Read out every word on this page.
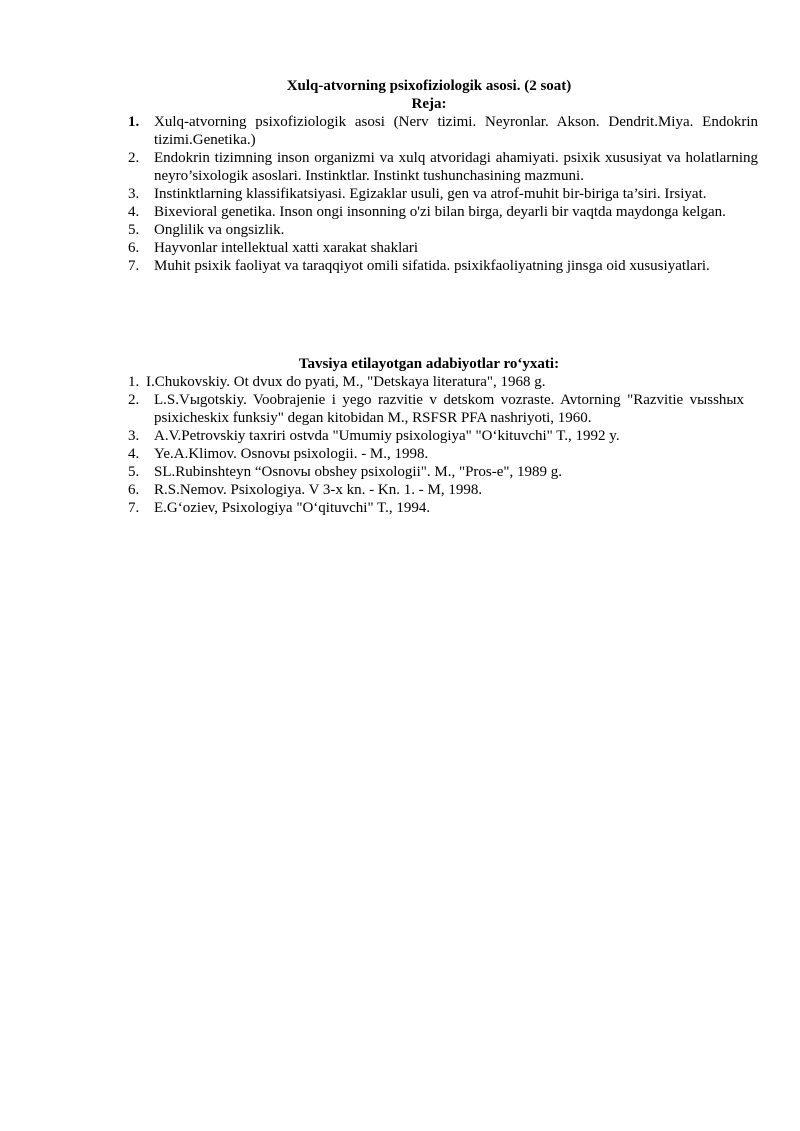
Xulq-atvorning psixofiziologik asosi. (2 soat)
Reja:
1. Xulq-atvorning psixofiziologik asosi (Nerv tizimi. Neyronlar. Akson. Dendrit.Miya. Endokrin tizimi.Genetika.)
2. Endokrin tizimning inson organizmi va xulq atvoridagi ahamiyati. psixik xususiyat va holatlarning neyro’sixologik asoslari. Instinktlar. Instinkt tushunchasining mazmuni.
3. Instinktlarning klassifikatsiyasi. Egizaklar usuli, gen va atrof-muhit bir-biriga ta’siri. Irsiyat.
4. Bixevioral genetika. Inson ongi insonning o'zi bilan birga, deyarli bir vaqtda maydonga kelgan.
5. Onglilik va ongsizlik.
6. Hayvonlar intellektual xatti xarakat shaklari
7. Muhit psixik faoliyat va taraqqiyot omili sifatida. psixikfaoliyatning jinsga oid xususiyatlari.
Tavsiya etilayotgan adabiyotlar ro‘yxati:
1. I.Chukovskiy. Ot dvux do pyati, M., "Detskaya literatura", 1968 g.
2. L.S.Vыgotskiy. Voobrajenie i yego razvitie v detskom vozraste. Avtorning "Razvitie vыsshыx psixicheskix funksiy" degan kitobidan M., RSFSR PFA nashriyoti, 1960.
3. A.V.Petrovskiy taxriri ostvda "Umumiy psixologiya" "O‘kituvchi" T., 1992 y.
4. Ye.A.Klimov. Osnovы psixologii. - M., 1998.
5. SL.Rubinshteyn “Osnovы obshey psixologii". M., "Pros-e", 1989 g.
6. R.S.Nemov. Psixologiya. V 3-x kn. - Kn. 1. - M, 1998.
7. E.G‘oziev, Psixologiya "O‘qituvchi" T., 1994.
